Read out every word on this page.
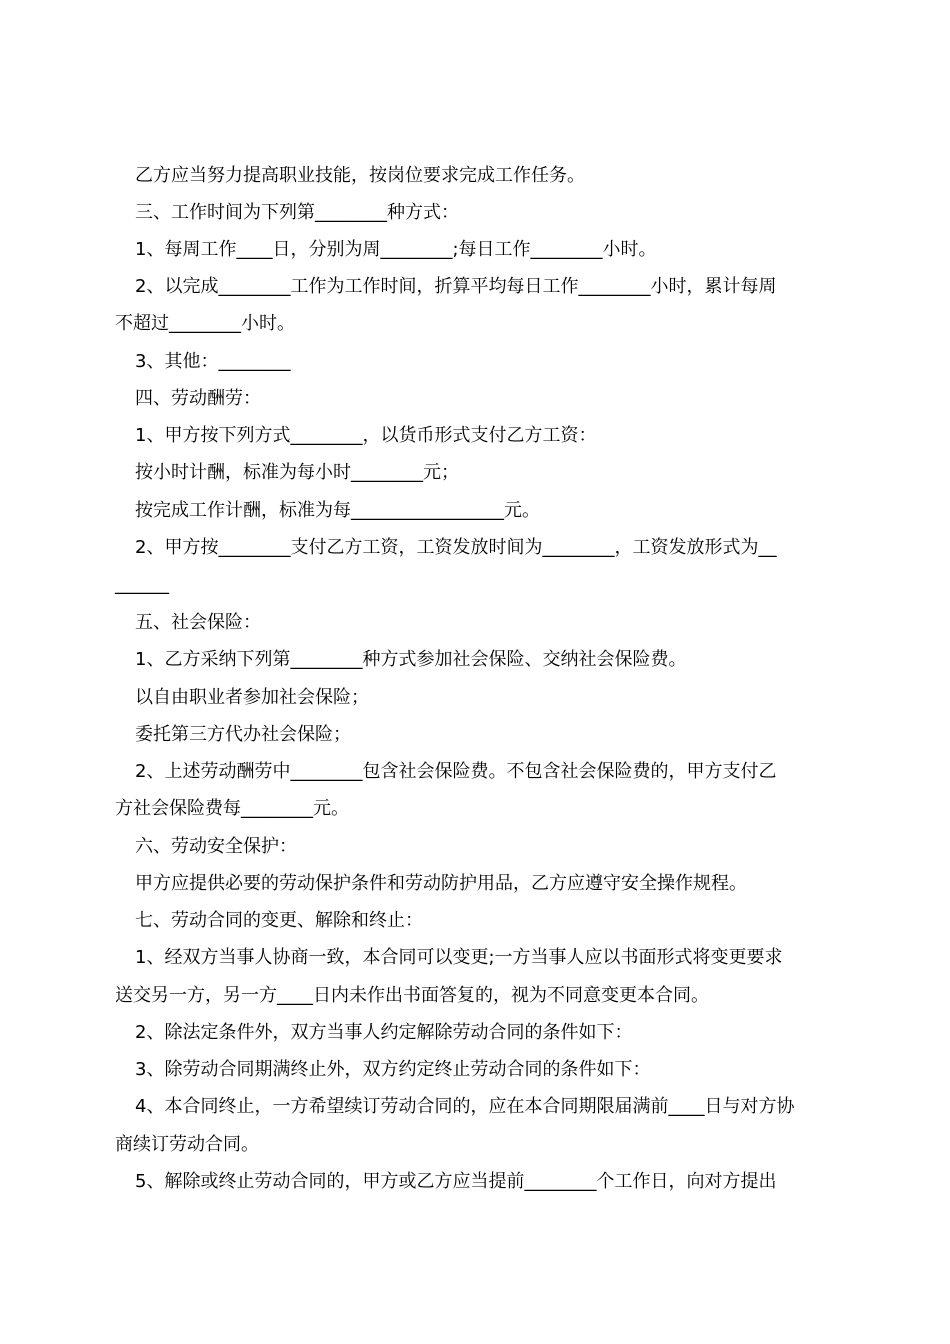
乙方应当努力提高职业技能，按岗位要求完成工作任务。

三、工作时间为下列第________种方式：

1、每周工作____日，分别为周________;每日工作________小时。

2、以完成________工作为工作时间，折算平均每日工作________小时，累计每周

不超过________小时。

3、其他：________

四、劳动酬劳：

1、甲方按下列方式________，以货币形式支付乙方工资：

按小时计酬，标准为每小时________元；

按完成工作计酬，标准为每_________________元。

2、甲方按________支付乙方工资，工资发放时间为________，工资发放形式为__

______

五、社会保险：

1、乙方采纳下列第________种方式参加社会保险、交纳社会保险费。

以自由职业者参加社会保险；

委托第三方代办社会保险；

2、上述劳动酬劳中________包含社会保险费。不包含社会保险费的，甲方支付乙

方社会保险费每________元。

六、劳动安全保护：

甲方应提供必要的劳动保护条件和劳动防护用品，乙方应遵守安全操作规程。

七、劳动合同的变更、解除和终止：

1、经双方当事人协商一致，本合同可以变更;一方当事人应以书面形式将变更要求

送交另一方，另一方____日内未作出书面答复的，视为不同意变更本合同。

2、除法定条件外，双方当事人约定解除劳动合同的条件如下：

3、除劳动合同期满终止外，双方约定终止劳动合同的条件如下：

4、本合同终止，一方希望续订劳动合同的，应在本合同期限届满前____日与对方协

商续订劳动合同。

5、解除或终止劳动合同的，甲方或乙方应当提前________个工作日，向对方提出
